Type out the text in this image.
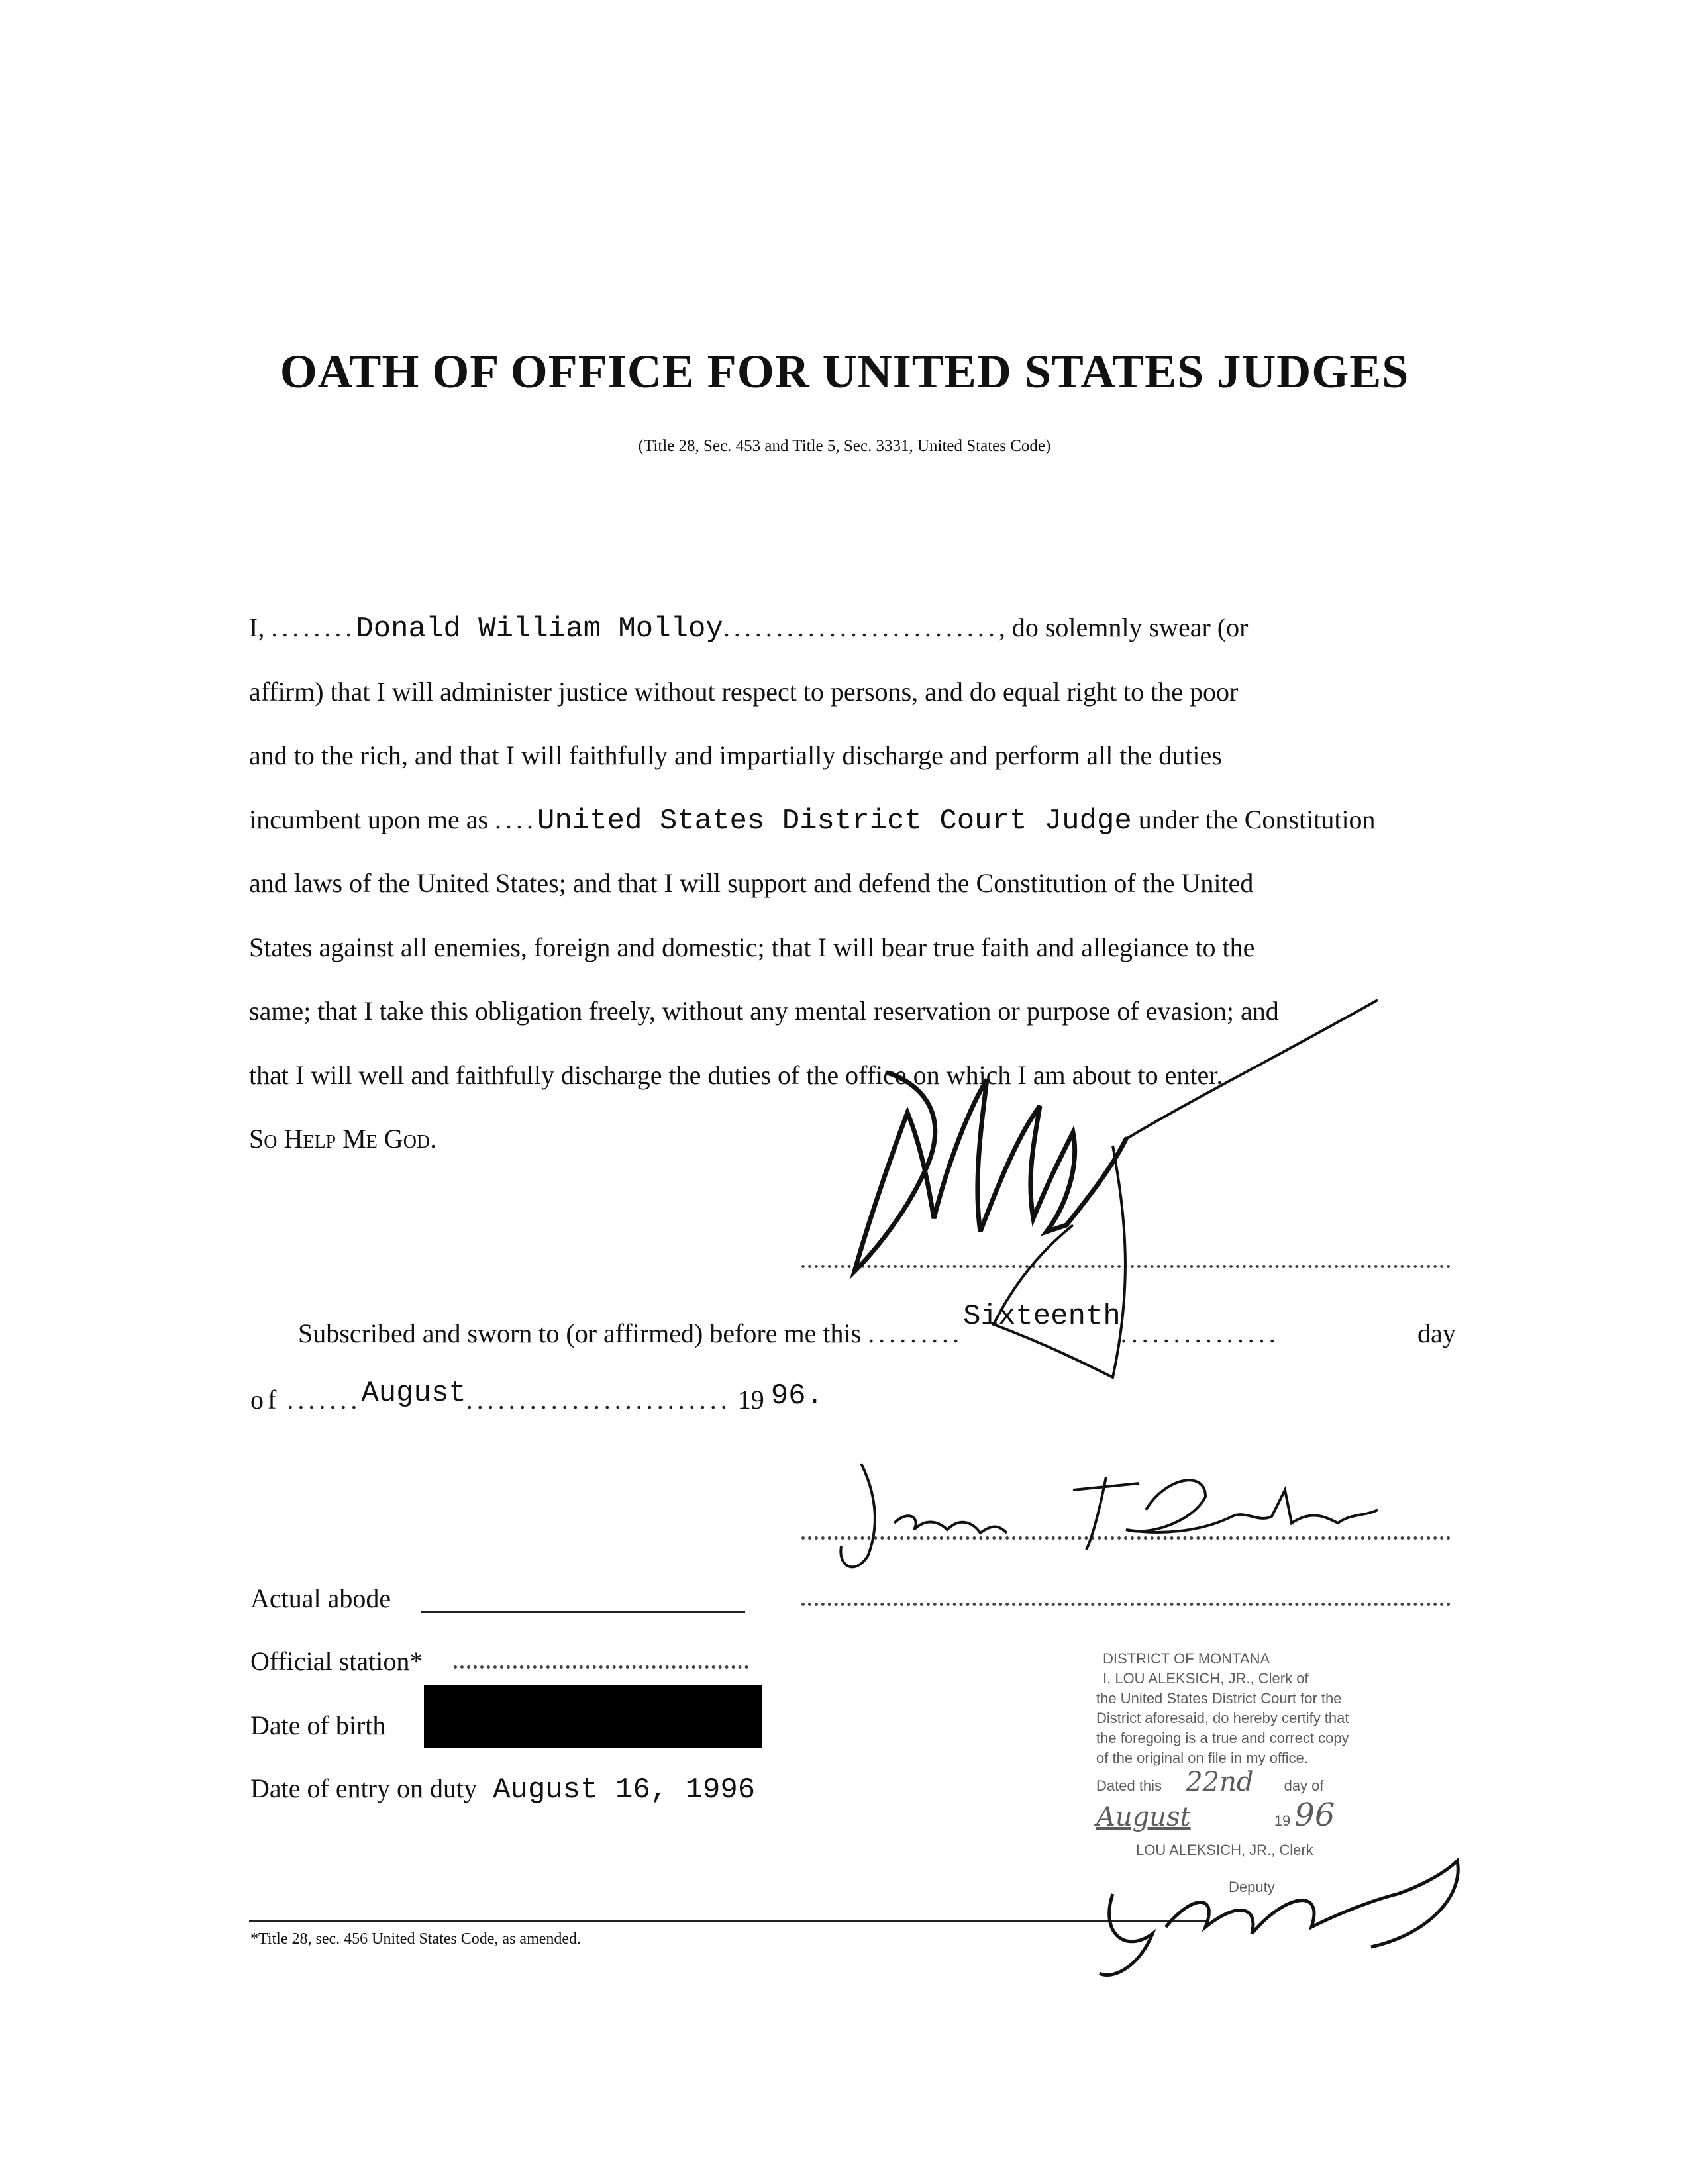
OATH OF OFFICE FOR UNITED STATES JUDGES
(Title 28, Sec. 453 and Title 5, Sec. 3331, United States Code)
I, ........Donald William Molloy.........................., do solemnly swear (or
affirm) that I will administer justice without respect to persons, and do equal right to the poor
and to the rich, and that I will faithfully and impartially discharge and perform all the duties
incumbent upon me as ....United States District Court Judge under the Constitution
and laws of the United States; and that I will support and defend the Constitution of the United
States against all enemies, foreign and domestic; that I will bear true faith and allegiance to the
same; that I take this obligation freely, without any mental reservation or purpose of evasion; and
that I will well and faithfully discharge the duties of the office on which I am about to enter.
So Help Me God.
Subscribed and sworn to (or affirmed) before me this .........Sixteenth...............	day
of .......August......................... 19 96.
Actual abode
Official station*
Date of birth
Date of entry on duty August 16, 1996
*Title 28, sec. 456 United States Code, as amended.
DISTRICT OF MONTANA
I, LOU ALEKSICH, JR., Clerk of
the United States District Court for the
District aforesaid, do hereby certify that
the foregoing is a true and correct copy
of the original on file in my office.
Dated this 22nd day of
August	19 96
LOU ALEKSICH, JR., Clerk
Deputy
